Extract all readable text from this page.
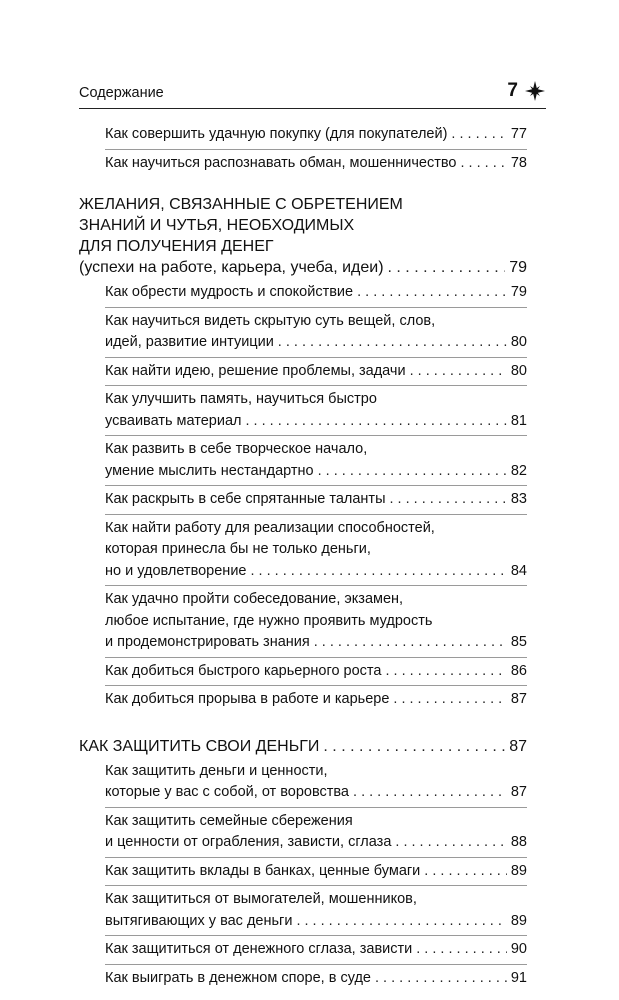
Содержание	7
Как совершить удачную покупку (для покупателей) . . .	77
Как научиться распознавать обман, мошенничество . . .	78
ЖЕЛАНИЯ, СВЯЗАННЫЕ С ОБРЕТЕНИЕМ
ЗНАНИЙ И ЧУТЬЯ, НЕОБХОДИМЫХ
ДЛЯ ПОЛУЧЕНИЯ ДЕНЕГ
(успехи на работе, карьера, учеба, идеи) . . .	79
Как обрести мудрость и спокойствие . . .	79
Как научиться видеть скрытую суть вещей, слов,
идей, развитие интуиции . . .	80
Как найти идею, решение проблемы, задачи . . .	80
Как улучшить память, научиться быстро
усваивать материал . . .	81
Как развить в себе творческое начало,
умение мыслить нестандартно . . .	82
Как раскрыть в себе спрятанные таланты . . .	83
Как найти работу для реализации способностей,
которая принесла бы не только деньги,
но и удовлетворение . . .	84
Как удачно пройти собеседование, экзамен,
любое испытание, где нужно проявить мудрость
и продемонстрировать знания . . .	85
Как добиться быстрого карьерного роста . . .	86
Как добиться прорыва в работе и карьере . . .	87
КАК ЗАЩИТИТЬ СВОИ ДЕНЬГИ . . .	87
Как защитить деньги и ценности,
которые у вас с собой, от воровства . . .	87
Как защитить семейные сбережения
и ценности от ограбления, зависти, сглаза . . .	88
Как защитить вклады в банках, ценные бумаги . . .	89
Как защититься от вымогателей, мошенников,
вытягивающих у вас деньги . . .	89
Как защититься от денежного сглаза, зависти . . .	90
Как выиграть в денежном споре, в суде . . .	91
